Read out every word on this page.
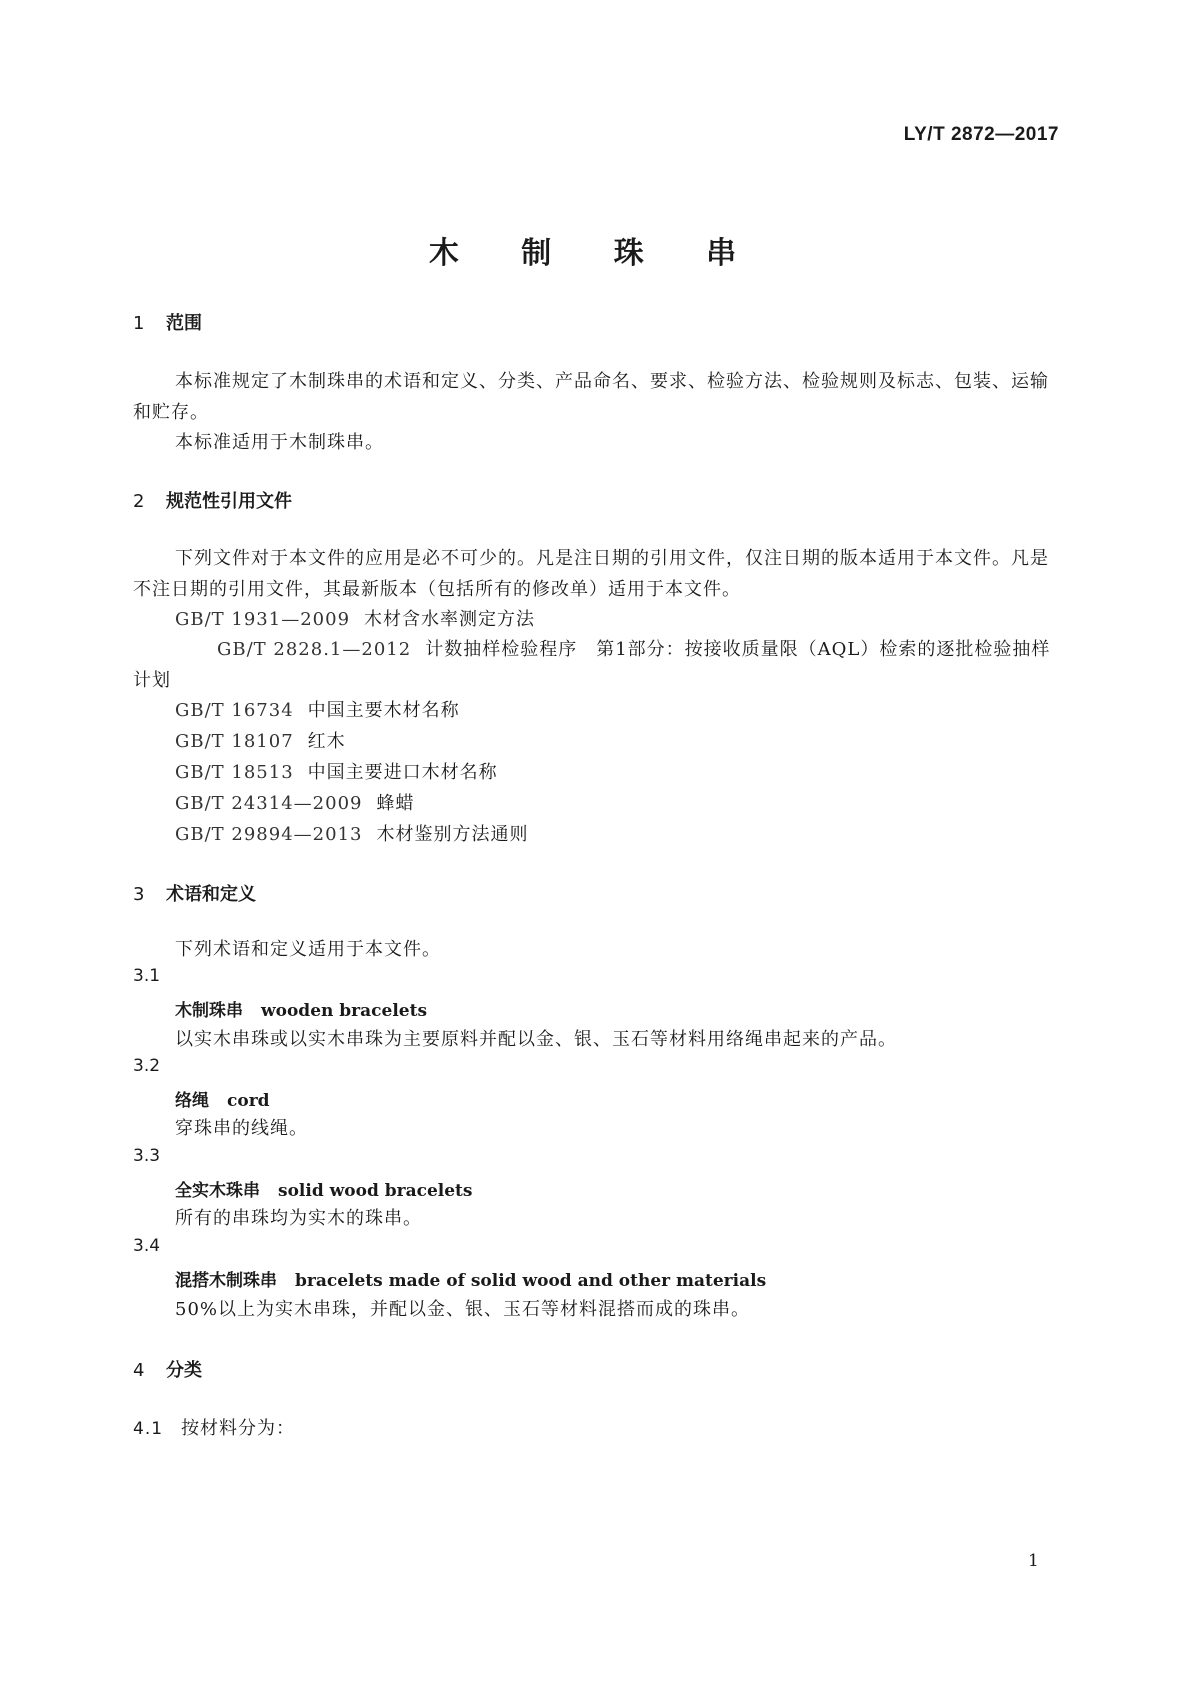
LY/T 2872—2017
木 制 珠 串
1 范围
本标准规定了木制珠串的术语和定义、分类、产品命名、要求、检验方法、检验规则及标志、包装、运输和贮存。
本标准适用于木制珠串。
2 规范性引用文件
下列文件对于本文件的应用是必不可少的。凡是注日期的引用文件，仅注日期的版本适用于本文件。凡是不注日期的引用文件，其最新版本（包括所有的修改单）适用于本文件。
GB/T 1931—2009 木材含水率测定方法
GB/T 2828.1—2012 计数抽样检验程序　第1部分：按接收质量限（AQL）检索的逐批检验抽样计划
GB/T 16734 中国主要木材名称
GB/T 18107 红木
GB/T 18513 中国主要进口木材名称
GB/T 24314—2009 蜂蜡
GB/T 29894—2013 木材鉴别方法通则
3 术语和定义
下列术语和定义适用于本文件。
3.1
木制珠串 wooden bracelets
以实木串珠或以实木串珠为主要原料并配以金、银、玉石等材料用络绳串起来的产品。
3.2
络绳 cord
穿珠串的线绳。
3.3
全实木珠串 solid wood bracelets
所有的串珠均为实木的珠串。
3.4
混搭木制珠串 bracelets made of solid wood and other materials
50%以上为实木串珠，并配以金、银、玉石等材料混搭而成的珠串。
4 分类
4.1 按材料分为：
1
